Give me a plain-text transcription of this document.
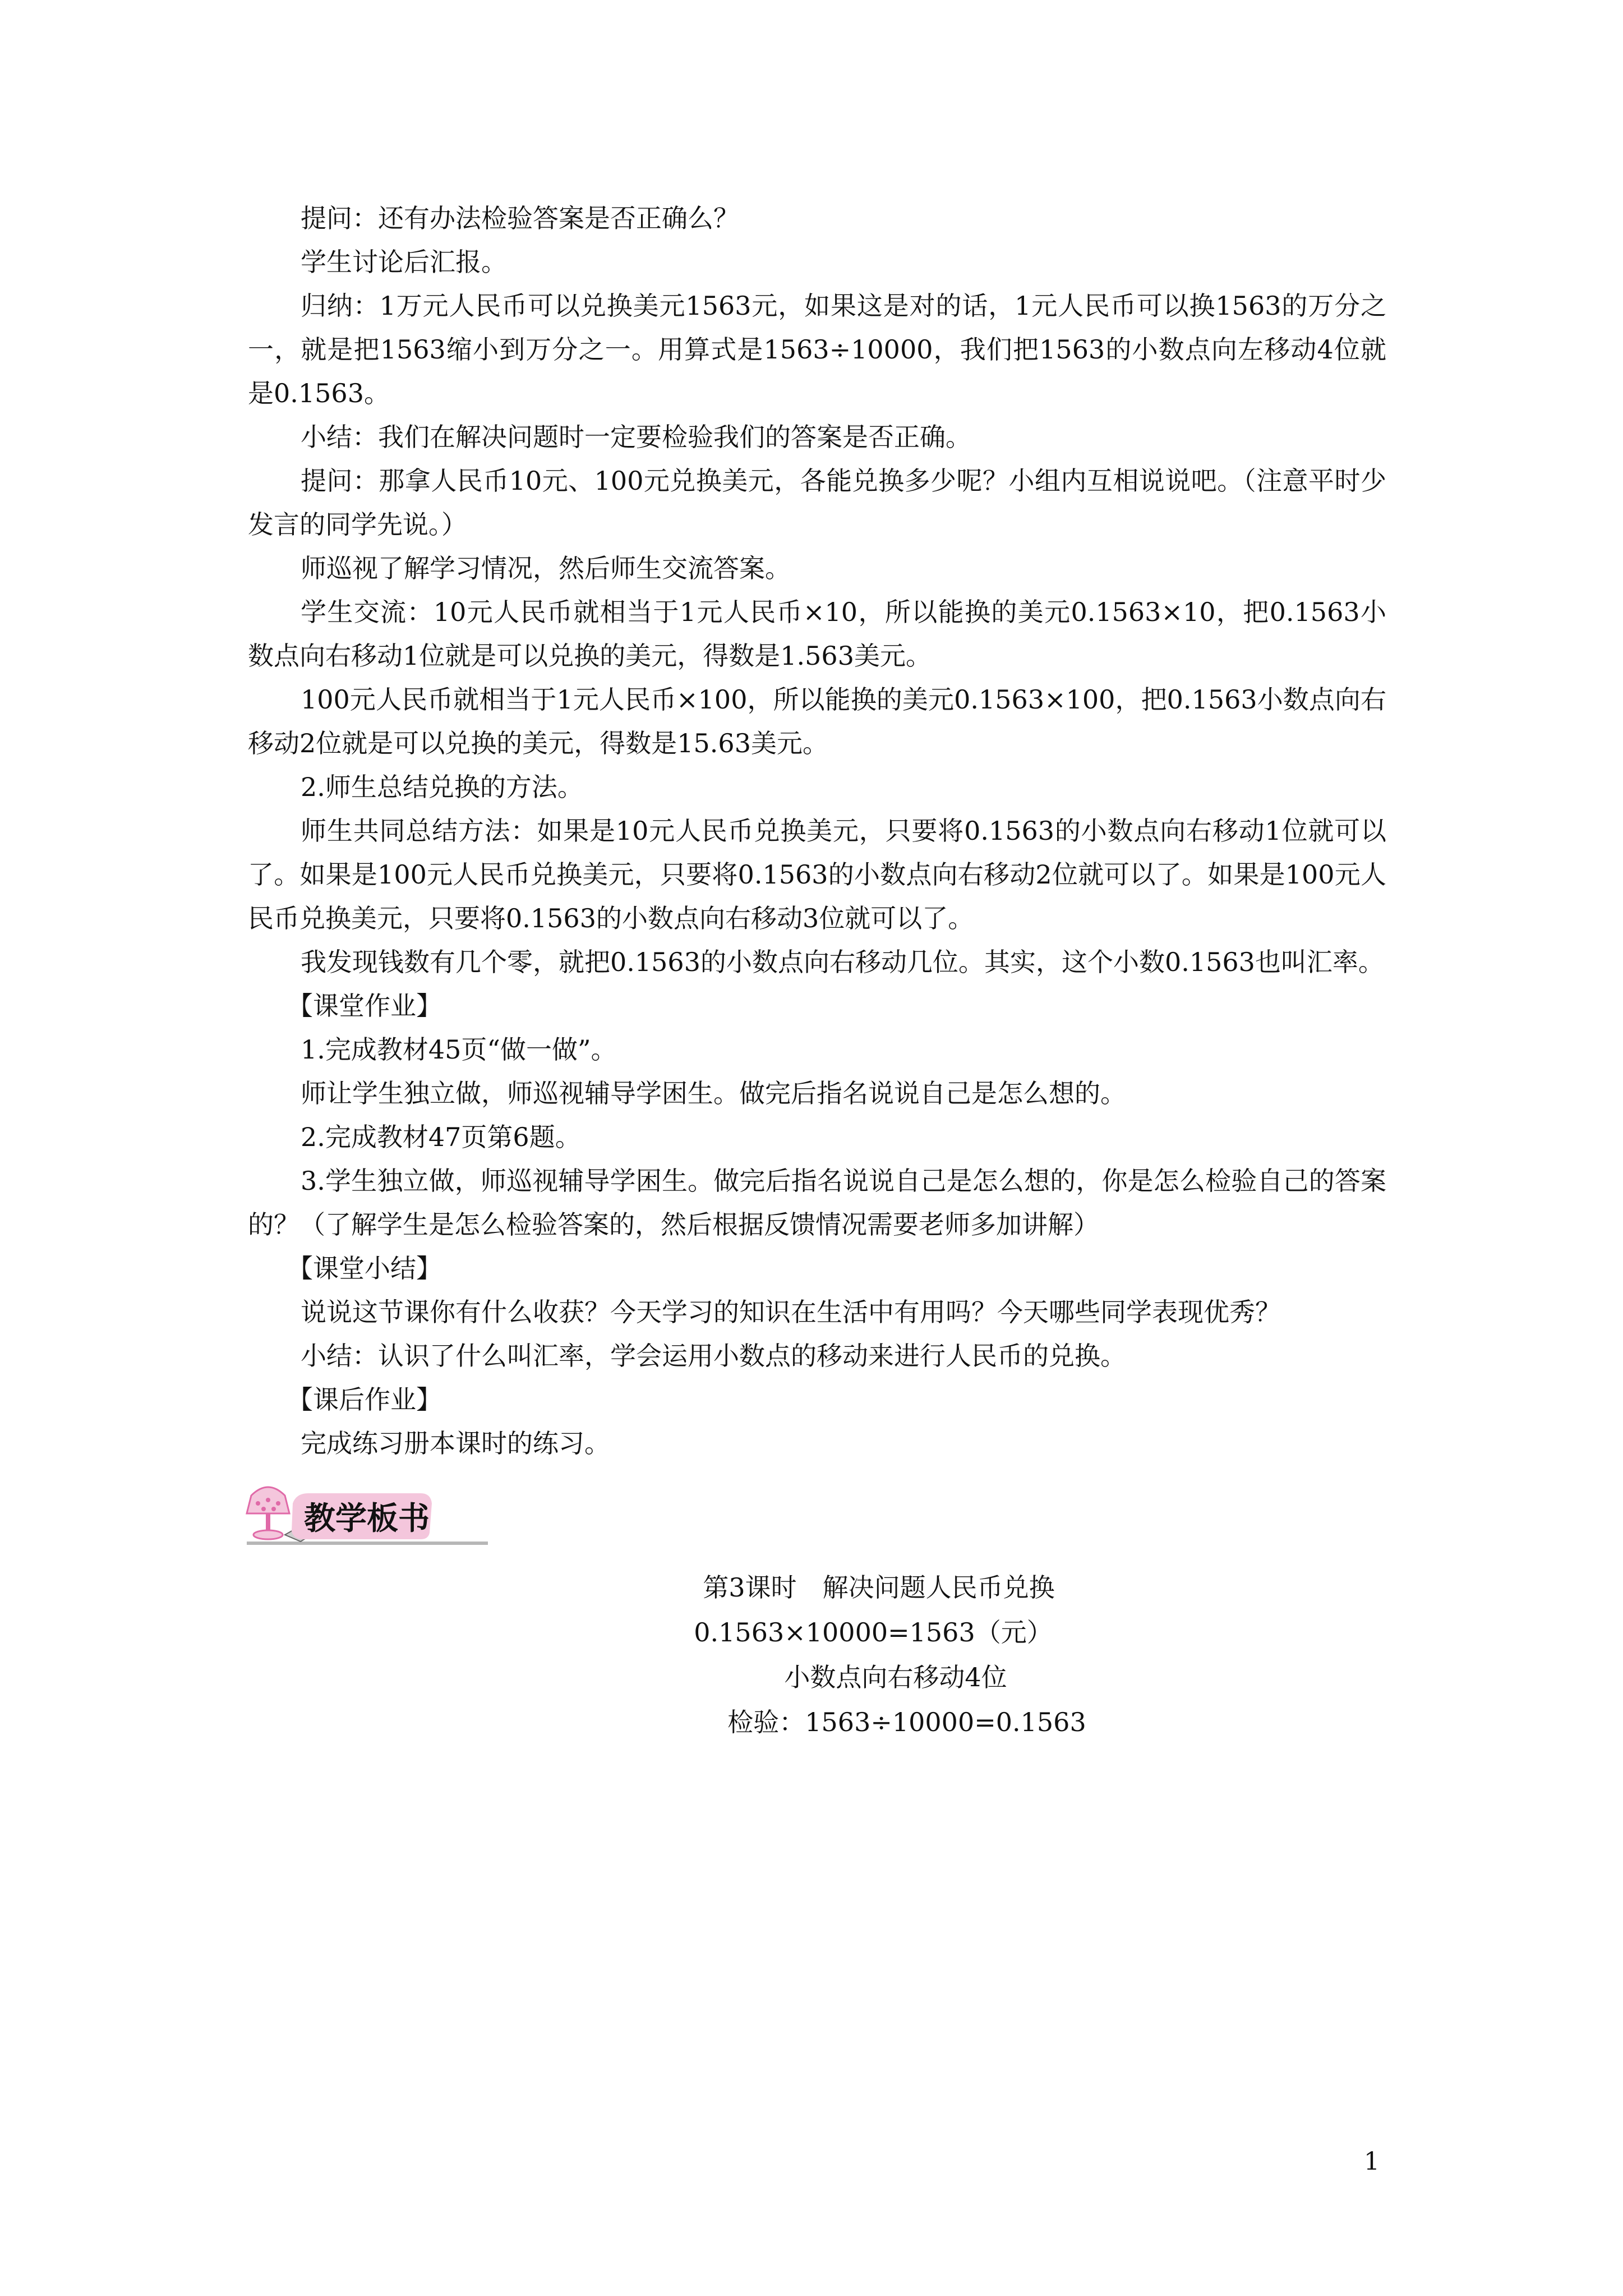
提问：还有办法检验答案是否正确么？

学生讨论后汇报。

归纳：1万元人民币可以兑换美元1563元，如果这是对的话，1元人民币可以换1563的万分之一，就是把1563缩小到万分之一。用算式是1563÷10000，我们把1563的小数点向左移动4位就是0.1563。

小结：我们在解决问题时一定要检验我们的答案是否正确。

提问：那拿人民币10元、100元兑换美元，各能兑换多少呢？小组内互相说说吧。（注意平时少发言的同学先说。）

师巡视了解学习情况，然后师生交流答案。

学生交流：10元人民币就相当于1元人民币×10，所以能换的美元0.1563×10，把0.1563小数点向右移动1位就是可以兑换的美元，得数是1.563美元。

100元人民币就相当于1元人民币×100，所以能换的美元0.1563×100，把0.1563小数点向右移动2位就是可以兑换的美元，得数是15.63美元。

2.师生总结兑换的方法。

师生共同总结方法：如果是10元人民币兑换美元，只要将0.1563的小数点向右移动1位就可以了。如果是100元人民币兑换美元，只要将0.1563的小数点向右移动2位就可以了。如果是100元人民币兑换美元，只要将0.1563的小数点向右移动3位就可以了。

我发现钱数有几个零，就把0.1563的小数点向右移动几位。其实，这个小数0.1563也叫汇率。

【课堂作业】

1.完成教材45页“做一做”。

师让学生独立做，师巡视辅导学困生。做完后指名说说自己是怎么想的。

2.完成教材47页第6题。

3.学生独立做，师巡视辅导学困生。做完后指名说说自己是怎么想的，你是怎么检验自己的答案的？（了解学生是怎么检验答案的，然后根据反馈情况需要老师多加讲解）

【课堂小结】

说说这节课你有什么收获？今天学习的知识在生活中有用吗？今天哪些同学表现优秀？

小结：认识了什么叫汇率，学会运用小数点的移动来进行人民币的兑换。

【课后作业】

完成练习册本课时的练习。

教学板书
第3课时　解决问题人民币兑换
0.1563×10000=1563（元）
小数点向右移动4位
检验：1563÷10000=0.1563
1
